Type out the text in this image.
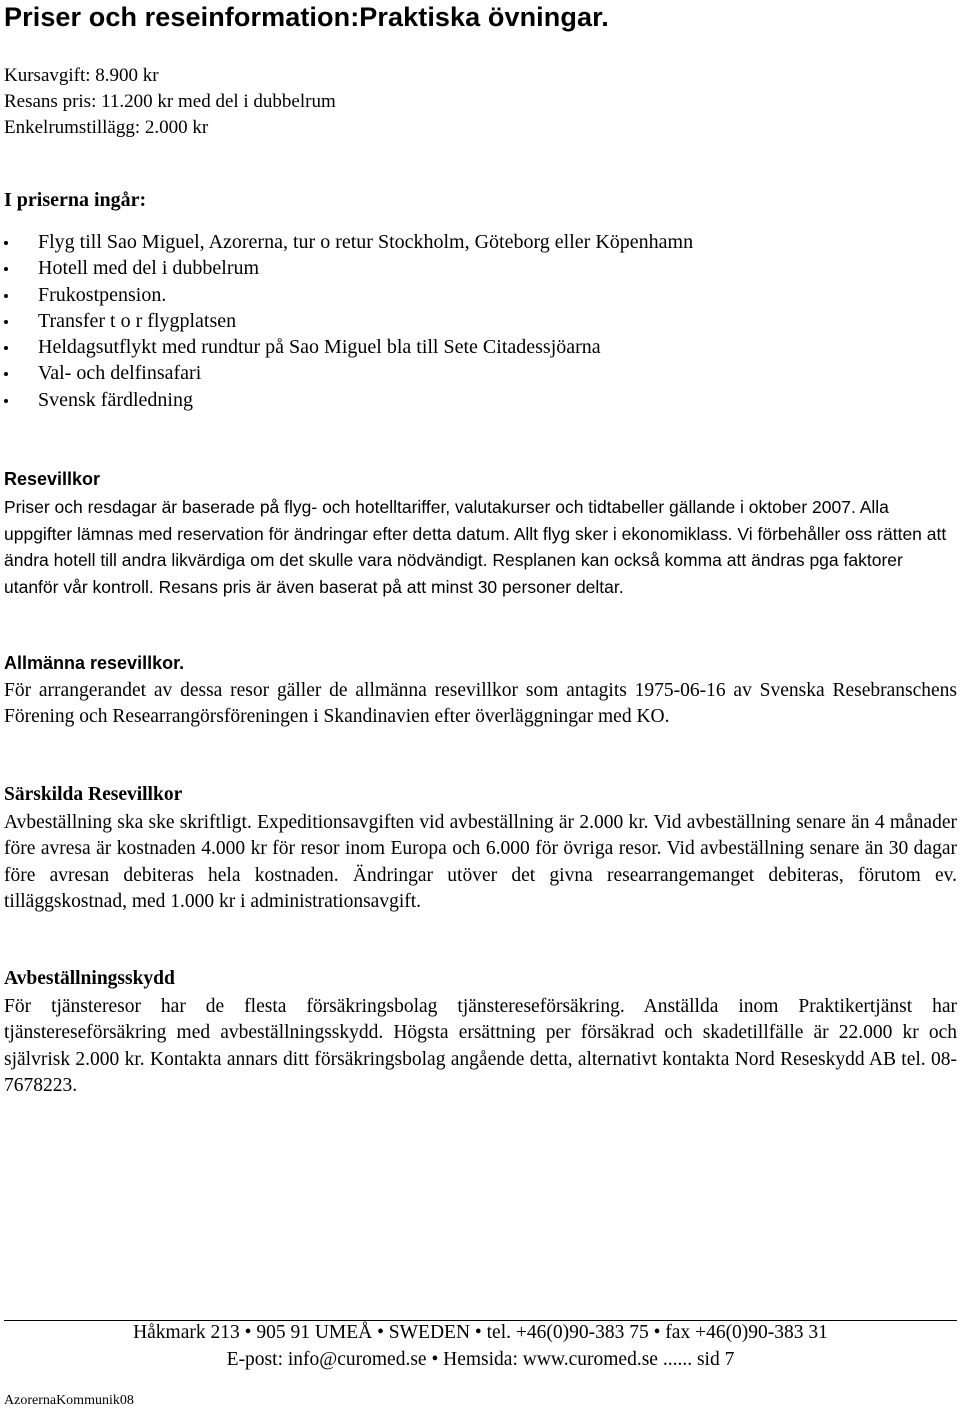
Priser och reseinformation:Praktiska övningar.
Kursavgift: 8.900 kr
Resans pris: 11.200 kr med del i dubbelrum
Enkelrumstillägg: 2.000 kr
I priserna ingår:
Flyg till Sao Miguel, Azorerna, tur o retur Stockholm, Göteborg eller Köpenhamn
Hotell med del i dubbelrum
Frukostpension.
Transfer t o r flygplatsen
Heldagsutflykt med rundtur på Sao Miguel bla till Sete Citadessjöarna
Val- och delfinsafari
Svensk färdledning
Resevillkor

Priser och resdagar är baserade på flyg- och hotelltariffer, valutakurser och tidtabeller gällande i oktober 2007. Alla uppgifter lämnas med reservation för ändringar efter detta datum. Allt flyg sker i ekonomiklass. Vi förbehåller oss rätten att ändra hotell till andra likvärdiga om det skulle vara nödvändigt. Resplanen kan också komma att ändras pga faktorer utanför vår kontroll. Resans pris är även baserat på att minst 30 personer deltar.

Allmänna resevillkor.

För arrangerandet av dessa resor gäller de allmänna resevillkor som antagits 1975-06-16 av Svenska Resebranschens Förening och Researrangörsföreningen i Skandinavien efter överläggningar med KO.

Särskilda Resevillkor

Avbeställning ska ske skriftligt. Expeditionsavgiften vid avbeställning är 2.000 kr. Vid avbeställning senare än 4 månader före avresa är kostnaden 4.000 kr för resor inom Europa och 6.000 för övriga resor. Vid avbeställning senare än 30 dagar före avresan debiteras hela kostnaden. Ändringar utöver det givna researrangemanget debiteras, förutom ev. tilläggskostnad, med 1.000 kr i administrationsavgift.

Avbeställningsskydd

För tjänsteresor har de flesta försäkringsbolag tjänstereseförsäkring. Anställda inom Praktikertjänst har tjänstereseförsäkring med avbeställningsskydd. Högsta ersättning per försäkrad och skadetillfälle är 22.000 kr och självrisk 2.000 kr. Kontakta annars ditt försäkringsbolag angående detta, alternativt kontakta Nord Reseskydd AB tel. 08-7678223.

Håkmark 213 • 905 91 UMEÅ • SWEDEN • tel. +46(0)90-383 75 • fax +46(0)90-383 31
E-post: info@curomed.se • Hemsida: www.curomed.se ...... sid 7
AzorernaKommunik08
